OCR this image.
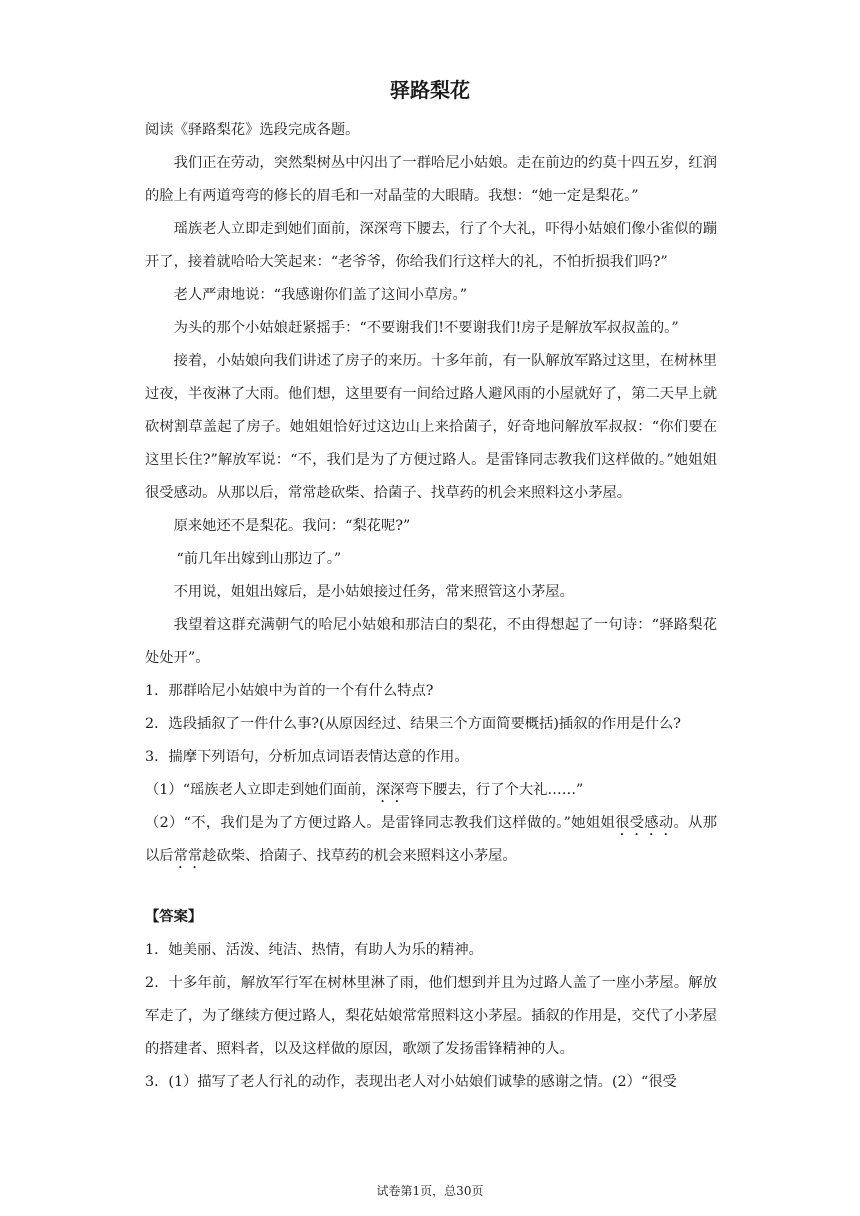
驿路梨花

阅读《驿路梨花》选段完成各题。

我们正在劳动，突然梨树丛中闪出了一群哈尼小姑娘。走在前边的约莫十四五岁，红润的脸上有两道弯弯的修长的眉毛和一对晶莹的大眼睛。我想：“她一定是梨花。”

瑶族老人立即走到她们面前，深深弯下腰去，行了个大礼，吓得小姑娘们像小雀似的蹦开了，接着就哈哈大笑起来：“老爷爷，你给我们行这样大的礼，不怕折损我们吗?”

老人严肃地说：“我感谢你们盖了这间小草房。”

为头的那个小姑娘赶紧摇手：“不要谢我们!不要谢我们!房子是解放军叔叔盖的。”

接着，小姑娘向我们讲述了房子的来历。十多年前，有一队解放军路过这里，在树林里过夜，半夜淋了大雨。他们想，这里要有一间给过路人避风雨的小屋就好了，第二天早上就砍树割草盖起了房子。她姐姐恰好过这边山上来拾菌子，好奇地问解放军叔叔：“你们要在这里长住?”解放军说：“不，我们是为了方便过路人。是雷锋同志教我们这样做的。”她姐姐很受感动。从那以后，常常趁砍柴、拾菌子、找草药的机会来照料这小茅屋。

原来她还不是梨花。我问：“梨花呢?”

“前几年出嫁到山那边了。”

不用说，姐姐出嫁后，是小姑娘接过任务，常来照管这小茅屋。

我望着这群充满朝气的哈尼小姑娘和那洁白的梨花，不由得想起了一句诗：“驿路梨花处处开”。

1．那群哈尼小姑娘中为首的一个有什么特点?

2．选段插叙了一件什么事?(从原因经过、结果三个方面简要概括)插叙的作用是什么?

3．揣摩下列语句，分析加点词语表情达意的作用。

（1）“瑶族老人立即走到她们面前，深深弯下腰去，行了个大礼……”

（2）“不，我们是为了方便过路人。是雷锋同志教我们这样做的。”她姐姐很受感动。从那以后常常趁砍柴、拾菌子、找草药的机会来照料这小茅屋。

【答案】

1．她美丽、活泼、纯洁、热情，有助人为乐的精神。

2．十多年前，解放军行军在树林里淋了雨，他们想到并且为过路人盖了一座小茅屋。解放军走了，为了继续方便过路人，梨花姑娘常常照料这小茅屋。插叙的作用是，交代了小茅屋的搭建者、照料者，以及这样做的原因，歌颂了发扬雷锋精神的人。

3．(1）描写了老人行礼的动作，表现出老人对小姑娘们诚挚的感谢之情。(2）“很受

试卷第1页，总30页
